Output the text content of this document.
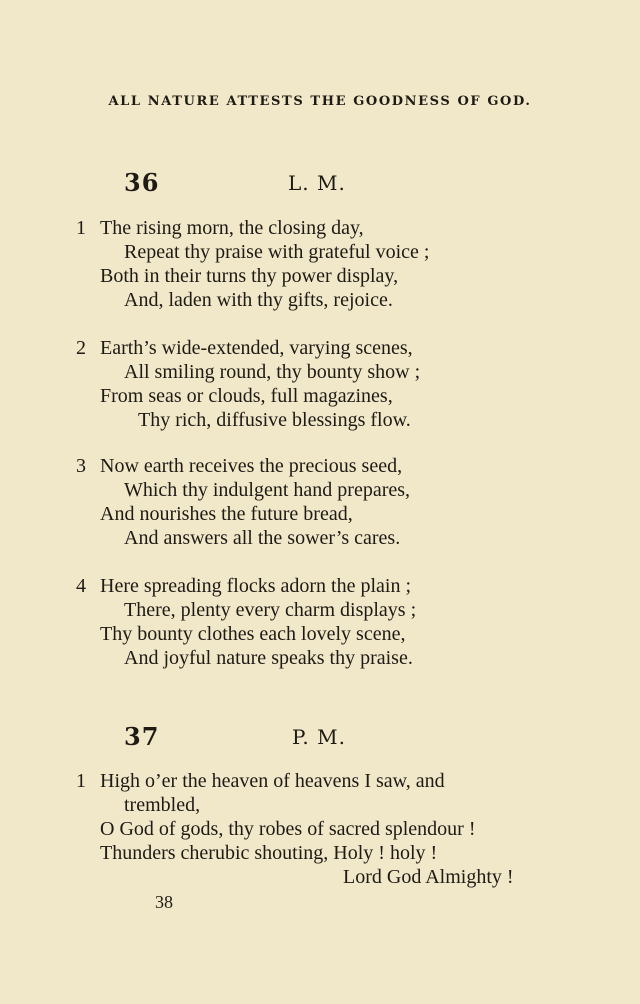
ALL NATURE ATTESTS THE GOODNESS OF GOD.
36	L. M.
1 The rising morn, the closing day,
Repeat thy praise with grateful voice ;
Both in their turns thy power display,
And, laden with thy gifts, rejoice.
2 Earth’s wide-extended, varying scenes,
All smiling round, thy bounty show ;
From seas or clouds, full magazines,
Thy rich, diffusive blessings flow.
3 Now earth receives the precious seed,
Which thy indulgent hand prepares,
And nourishes the future bread,
And answers all the sower’s cares.
4 Here spreading flocks adorn the plain ;
There, plenty every charm displays ;
Thy bounty clothes each lovely scene,
And joyful nature speaks thy praise.
37	P. M.
1 High o’er the heaven of heavens I saw, and
trembled,
O God of gods, thy robes of sacred splendour !
Thunders cherubic shouting, Holy ! holy !
Lord God Almighty !
38
